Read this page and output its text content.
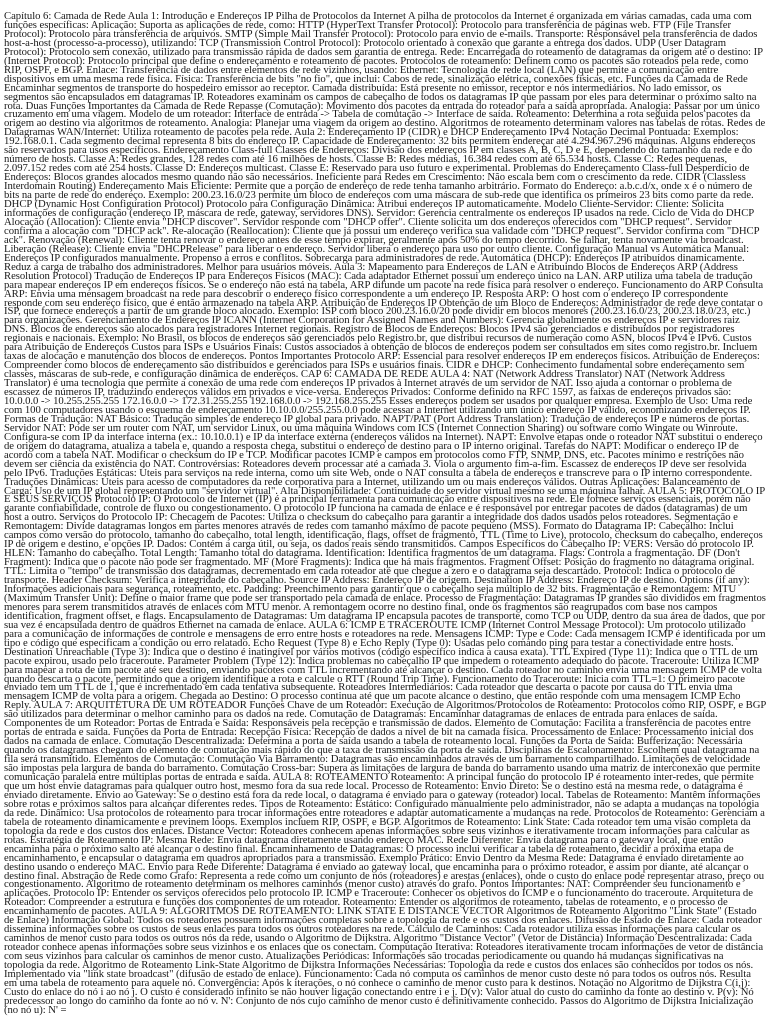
Capítulo 6: Camada de Rede Aula 1: Introdução e Endereços IP Pilha de Protocolos da Internet A pilha de protocolos da Internet é organizada em várias camadas, cada uma com funções específicas: Aplicação: Suporta as aplicações de rede, como: HTTP (HyperText Transfer Protocol): Protocolo para transferência de páginas web. FTP (File Transfer Protocol): Protocolo para transferência de arquivos. SMTP (Simple Mail Transfer Protocol): Protocolo para envio de e-mails. Transporte: Responsável pela transferência de dados host-a-host (processo-a-processo), utilizando: TCP (Transmission Control Protocol): Protocolo orientado à conexão que garante a entrega dos dados. UDP (User Datagram Protocol): Protocolo sem conexão, utilizado para transmissão rápida de dados sem garantia de entrega. Rede: Encarregada do roteamento de datagramas da origem até o destino: IP (Internet Protocol): Protocolo principal que define o endereçamento e roteamento de pacotes. Protocolos de roteamento: Definem como os pacotes são roteados pela rede, como RIP, OSPF, e BGP. Enlace: Transferência de dados entre elementos de rede vizinhos, usando: Ethernet: Tecnologia de rede local (LAN) que permite a comunicação entre dispositivos em uma mesma rede física. Física: Transferência de bits "no fio", que inclui: Cabos de rede, sinalização elétrica, conexões físicas, etc. Funções da Camada de Rede Encaminhar segmentos de transporte do hospedeiro emissor ao receptor. Camada distribuída: Está presente no emissor, receptor e nós intermediários. No lado emissor, os segmentos são encapsulados em datagramas IP. Roteadores examinam os campos de cabeçalho de todos os datagramas IP que passam por eles para determinar o próximo salto na rota. Duas Funções Importantes da Camada de Rede Repasse (Comutação): Movimento dos pacotes da entrada do roteador para a saída apropriada. Analogia: Passar por um único cruzamento em uma viagem. Modelo de um roteador: Interface de entrada -> Tabela de comutação -> Interface de saída. Roteamento: Determina a rota seguida pelos pacotes da origem ao destino via algoritmos de roteamento. Analogia: Planejar uma viagem da origem ao destino. Algoritmos de roteamento determinam valores nas tabelas de rotas. Redes de Datagramas WAN/Internet: Utiliza roteamento de pacotes pela rede. Aula 2: Endereçamento IP (CIDR) e DHCP Endereçamento IPv4 Notação Decimal Pontuada: Exemplos: 192.168.0.1. Cada segmento decimal representa 8 bits do endereço IP. Capacidade de Endereçamento: 32 bits permitem endereçar até 4.294.967.296 máquinas. Alguns endereços são reservados para usos específicos. Endereçamento Class-full Classes de Endereços: Divisão dos endereços IP em classes A, B, C, D e E, dependendo do tamanho da rede e do número de hosts. Classe A: Redes grandes, 128 redes com até 16 milhões de hosts. Classe B: Redes médias, 16.384 redes com até 65.534 hosts. Classe C: Redes pequenas, 2.097.152 redes com até 254 hosts. Classe D: Endereços multicast. Classe E: Reservado para uso futuro e experimental. Problemas do Endereçamento Class-full Desperdício de Endereços: Blocos grandes alocados mesmo quando não são necessários. Ineficiente para Redes em Crescimento: Não escala bem com o crescimento da rede. CIDR (Classless Interdomain Routing) Endereçamento Mais Eficiente: Permite que a porção de endereço de rede tenha tamanho arbitrário. Formato do Endereço: a.b.c.d/x, onde x é o número de bits na parte de rede do endereço. Exemplo: 200.23.16.0/23 permite um bloco de endereços com uma máscara de sub-rede que identifica os primeiros 23 bits como parte da rede. DHCP (Dynamic Host Configuration Protocol) Protocolo para Configuração Dinâmica: Atribui endereços IP automaticamente. Modelo Cliente-Servidor: Cliente: Solicita informações de configuração (endereço IP, máscara de rede, gateway, servidores DNS). Servidor: Gerencia centralmente os endereços IP usados na rede. Ciclo de Vida do DHCP Alocação (Allocation): Cliente envia "DHCP discover". Servidor responde com "DHCP offer". Cliente solicita um dos endereços oferecidos com "DHCP request". Servidor confirma a alocação com "DHCP ack". Re-alocação (Reallocation): Cliente que já possui um endereço verifica sua validade com "DHCP request". Servidor confirma com "DHCP ack". Renovação (Renewal): Cliente tenta renovar o endereço antes de esse tempo expirar, geralmente após 50% do tempo decorrido. Se falhar, tenta novamente via broadcast. Liberação (Release): Cliente envia "DHCPRelease" para liberar o endereço. Servidor libera o endereço para uso por outro cliente. Configuração Manual vs Automática Manual: Endereços IP configurados manualmente. Propenso a erros e conflitos. Sobrecarga para administradores de rede. Automática (DHCP): Endereços IP atribuídos dinamicamente. Reduz a carga de trabalho dos administradores. Melhor para usuários móveis. Aula 3: Mapeamento para Endereços de LAN e Atribuindo Blocos de Endereços ARP (Address Resolution Protocol) Tradução de Endereços IP para Endereços Físicos (MAC): Cada adaptador Ethernet possui um endereço único na LAN. ARP utiliza uma tabela de tradução para mapear endereços IP em endereços físicos. Se o endereço não está na tabela, ARP difunde um pacote na rede física para resolver o endereço. Funcionamento do ARP Consulta ARP: Envia uma mensagem broadcast na rede para descobrir o endereço físico correspondente a um endereço IP. Resposta ARP: O host com o endereço IP correspondente responde com seu endereço físico, que é então armazenado na tabela ARP. Atribuição de Endereços IP Obtenção de um Bloco de Endereços: Administrador de rede deve contatar o ISP, que fornece endereços a partir de um grande bloco alocado. Exemplo: ISP com bloco 200.23.16.0/20 pode dividir em blocos menores (200.23.16.0/23, 200.23.18.0/23, etc.) para organizações. Gerenciamento de Endereços IP ICANN (Internet Corporation for Assigned Names and Numbers): Gerencia globalmente os endereços IP e servidores raiz DNS. Blocos de endereços são alocados para registradores Internet regionais. Registro de Blocos de Endereços: Blocos IPv4 são gerenciados e distribuídos por registradores regionais e nacionais. Exemplo: No Brasil, os blocos de endereços são gerenciados pelo Registro.br, que distribui recursos de numeração como ASN, blocos IPv4 e IPv6. Custos para Atribuição de Endereços Custos para ISPs e Usuários Finais: Custos associados à obtenção de blocos de endereços podem ser consultados em sites como registro.br. Incluem taxas de alocação e manutenção dos blocos de endereços. Pontos Importantes Protocolo ARP: Essencial para resolver endereços IP em endereços físicos. Atribuição de Endereços: Compreender como blocos de endereçamento são distribuídos e gerenciados para ISPs e usuários finais. CIDR e DHCP: Conhecimento fundamental sobre endereçamento sem classes, máscaras de sub-rede, e configuração dinâmica de endereços. CAP 6: CAMADA DE REDE AULA 4: NAT (Network Address Translator) NAT (Network Address Translator) é uma tecnologia que permite a conexão de uma rede com endereços IP privados à Internet através de um servidor de NAT. Isso ajuda a contornar o problema de escassez de números IP, traduzindo endereços válidos em privados e vice-versa. Endereços Privados: Conforme definido na RFC 1597, as faixas de endereços privados são: 10.0.0.0 -> 10.255.255.255 172.16.0.0 -> 172.31.255.255 192.168.0.0 -> 192.168.255.255 Esses endereços podem ser usados por qualquer empresa. Exemplo de Uso: Uma rede com 100 computadores usando o esquema de endereçamento 10.10.0.0/255.255.0.0 pode acessar a Internet utilizando um único endereço IP válido, economizando endereços IP. Formas de Tradução: NAT Básico: Tradução simples de endereço IP global para privado. NAPT/PAT (Port Address Translation): Tradução de endereços IP e números de portas. Servidor NAT: Pode ser um router com NAT, um servidor Linux, ou uma máquina Windows com ICS (Internet Connection Sharing) ou software como Wingate ou Winroute. Configura-se com IP da interface interna (ex.: 10.10.0.1) e IP da interface externa (endereços válidos na Internet). NAPT: Envolve etapas onde o roteador NAT substitui o endereço de origem do datagrama, atualiza a tabela e, quando a resposta chega, substitui o endereço de destino para o IP interno original. Tarefas do NAPT: Modificar o endereço IP de acordo com a tabela NAT. Modificar o checksum do IP e TCP. Modificar pacotes ICMP e campos em protocolos como FTP, SNMP, DNS, etc. Pacotes mínimo e restrições não devem ser ciência da existência do NAT. Controvérsias: Roteadores devem processar até a camada 3. Viola o argumento fim-a-fim. Escassez de endereços IP deve ser resolvida pelo IPv6. Traduções Estáticas: Úteis para serviços na rede interna, como um site Web, onde o NAT consulta a tabela de endereços e transcreve para o IP interno correspondente. Traduções Dinâmicas: Úteis para acesso de computadores da rede corporativa para a Internet, utilizando um ou mais endereços válidos. Outras Aplicações: Balanceamento de Carga: Uso de um IP global representando um "servidor virtual". Alta Disponibilidade: Continuidade do servidor virtual mesmo se uma máquina falhar. AULA 5: PROTOCOLO IP E SEUS SERVIÇOS Protocolo IP: O Protocolo de Internet (IP) é a principal ferramenta para comunicação entre dispositivos na rede. Ele fornece serviços essenciais, porém não garante confiabilidade, controle de fluxo ou congestionamento. O protocolo IP funciona na camada de enlace e é responsável por entregar pacotes de dados (datagramas) de um host a outro. Serviços do Protocolo IP: Checagem de Pacotes: Utiliza o checksum do cabeçalho para garantir a integridade dos dados usados pelos roteadores. Segmentação e Remontagem: Divide datagramas longos em partes menores através de redes com tamanho máximo de pacote pequeno (MSS). Formato do Datagrama IP: Cabeçalho: Inclui campos como versão do protocolo, tamanho do cabeçalho, total length, identificação, flags, offset de fragmento, TTL (Time to Live), protocolo, checksum do cabeçalho, endereços IP de origem e destino, e opções IP. Dados: Contém a carga útil, ou seja, os dados reais sendo transmitidos. Campos Específicos do Cabeçalho IP: VERS: Versão do protocolo IP. HLEN: Tamanho do cabeçalho. Total Length: Tamanho total do datagrama. Identification: Identifica fragmentos de um datagrama. Flags: Controla a fragmentação. DF (Don't Fragment): Indica que o pacote não pode ser fragmentado. MF (More Fragments): Indica que há mais fragmentos. Fragment Offset: Posição do fragmento no datagrama original. TTL: Limita o "tempo" de transmissão dos datagramas, decrementado em cada roteador até que chegue a zero e o datagrama seja descartado. Protocol: Indica o protocolo de transporte. Header Checksum: Verifica a integridade do cabeçalho. Source IP Address: Endereço IP de origem. Destination IP Address: Endereço IP de destino. Options (if any): Informações adicionais para segurança, roteamento, etc. Padding: Preenchimento para garantir que o cabeçalho seja múltiplo de 32 bits. Fragmentação e Remontagem: MTU (Maximum Transfer Unit): Define o maior frame que pode ser transportado pela camada de enlace. Processo de Fragmentação: Datagramas IP grandes são divididos em fragmentos menores para serem transmitidos através de enlaces com MTU menor. A remontagem ocorre no destino final, onde os fragmentos são reagrupados com base nos campos identification, fragment offset, e flags. Encapsulamento de Datagramas: Um datagrama IP encapsula pacotes de transporte, como TCP ou UDP, dentro da sua área de dados, que por sua vez é encapsulada dentro de quadros Ethernet na camada de enlace. AULA 6: ICMP E TRACEROUTE ICMP (Internet Control Message Protocol): Um protocolo utilizado para a comunicação de informações de controle e mensagens de erro entre hosts e roteadores na rede. Mensagens ICMP: Type e Code: Cada mensagem ICMP é identificada por um tipo e código que especificam a condição ou erro relatado. Echo Request (Type 8) e Echo Reply (Type 0): Usadas pelo comando ping para testar a conectividade entre hosts. Destination Unreachable (Type 3): Indica que o destino é inatingível por vários motivos (código específico indica a causa exata). TTL Expired (Type 11): Indica que o TTL de um pacote expirou, usado pelo traceroute. Parameter Problem (Type 12): Indica problemas no cabeçalho IP que impedem o roteamento adequado do pacote. Traceroute: Utiliza ICMP para mapear a rota de um pacote até seu destino, enviando pacotes com TTL incrementando até alcançar o destino. Cada roteador no caminho envia uma mensagem ICMP de volta quando descarta o pacote, permitindo que a origem identifique a rota e calcule o RTT (Round Trip Time). Funcionamento do Traceroute: Inicia com TTL=1: O primeiro pacote enviado tem um TTL de 1, que é incrementado em cada tentativa subsequente. Roteadores Intermediários: Cada roteador que descarta o pacote por causa do TTL envia uma mensagem ICMP de volta para a origem. Chegada ao Destino: O processo continua até que um pacote alcance o destino, que então responde com uma mensagem ICMP Echo Reply. AULA 7: ARQUITETURA DE UM ROTEADOR Funções Chave de um Roteador: Execução de Algoritmos/Protocolos de Roteamento: Protocolos como RIP, OSPF, e BGP são utilizados para determinar o melhor caminho para os dados na rede. Comutação de Datagramas: Encaminhar datagramas de enlaces de entrada para enlaces de saída. Componentes de um Roteador: Portas de Entrada e Saída: Responsáveis pela recepção e transmissão de dados. Elemento de Comutação: Facilita a transferência de pacotes entre portas de entrada e saída. Funções da Porta de Entrada: Recepção Física: Recepção de dados a nível de bit na camada física. Processamento de Enlace: Processamento inicial dos dados na camada de enlace. Comutação Descentralizada: Determina a porta de saída usando a tabela de roteamento local. Funções da Porta de Saída: Bufferização: Necessária quando os datagramas chegam do elemento de comutação mais rápido do que a taxa de transmissão da porta de saída. Disciplinas de Escalonamento: Escolhem qual datagrama na fila será transmitido. Elementos de Comutação: Comutação Via Barramento: Datagramas são encaminhados através de um barramento compartilhado. Limitações de velocidade são impostas pela largura de banda do barramento. Comutação Cross-bar: Supera as limitações de largura de banda do barramento usando uma matriz de interconexão que permite comunicação paralela entre múltiplas portas de entrada e saída. AULA 8: ROTEAMENTO Roteamento: A principal função do protocolo IP é roteamento inter-redes, que permite que um host envie datagramas para qualquer outro host, mesmo fora da sua rede local. Processo de Roteamento: Envio Direto: Se o destino está na mesma rede, o datagrama é enviado diretamente. Envio ao Gateway: Se o destino está fora da rede local, o datagrama é enviado para o gateway (roteador) local. Tabelas de Roteamento: Mantêm informações sobre rotas e próximos saltos para alcançar diferentes redes. Tipos de Roteamento: Estático: Configurado manualmente pelo administrador, não se adapta a mudanças na topologia da rede. Dinâmico: Usa protocolos de roteamento para trocar informações entre roteadores e adaptar automaticamente a mudanças na rede. Protocolos de Roteamento: Gerenciam a tabela de roteamento dinamicamente e previnem loops. Exemplos incluem RIP, OSPF, e BGP. Algoritmos de Roteamento: Link State: Cada roteador tem uma visão completa da topologia da rede e dos custos dos enlaces. Distance Vector: Roteadores conhecem apenas informações sobre seus vizinhos e iterativamente trocam informações para calcular as rotas. Estratégia de Roteamento IP: Mesma Rede: Envia datagrama diretamente usando endereço MAC. Rede Diferente: Envia datagrama para o gateway local, que então encaminha para o próximo salto até alcançar o destino final. Encaminhamento de Datagramas: O processo inclui verificar a tabela de roteamento, decidir a próxima etapa de encaminhamento, e encapsular o datagrama em quadros apropriados para a transmissão. Exemplo Prático: Envio Dentro da Mesma Rede: Datagrama é enviado diretamente ao destino usando o endereço MAC. Envio para Rede Diferente: Datagrama é enviado ao gateway local, que encaminha para o próximo roteador, e assim por diante, até alcançar o destino final. Abstração de Rede como Grafo: Representa a rede como um conjunto de nós (roteadores) e arestas (enlaces), onde o custo do enlace pode representar atraso, preço ou congestionamento. Algoritmo de roteamento determinam os melhores caminhos (menor custo) através do grafo. Pontos Importantes: NAT: Compreender seu funcionamento e aplicações. Protocolo IP: Entender os serviços oferecidos pelo protocolo IP. ICMP e Traceroute: Conhecer os objetivos do ICMP e o funcionamento do traceroute. Arquitetura de Roteador: Compreender a estrutura e funções dos componentes de um roteador. Roteamento: Entender os algoritmos de roteamento, tabelas de roteamento, e o processo de encaminhamento de pacotes. AULA 9: ALGORITMOS DE ROTEAMENTO: LINK STATE E DISTANCE VECTOR Algoritmos de Roteamento Algoritmo "Link State" (Estado de Enlace) Informação Global: Todos os roteadores possuem informações completas sobre a topologia da rede e os custos dos enlaces. Difusão de Estado de Enlace: Cada roteador dissemina informações sobre os custos de seus enlaces para todos os outros roteadores na rede. Cálculo de Caminhos: Cada roteador utiliza essas informações para calcular os caminhos de menor custo para todos os outros nós da rede, usando o Algoritmo de Dijkstra. Algoritmo "Distance Vector" (Vetor de Distância) Informação Descentralizada: Cada roteador conhece apenas informações sobre seus vizinhos e os enlaces que os conectam. Computação Iterativa: Roteadores iterativamente trocam informações de vetor de distância com seus vizinhos para calcular os caminhos de menor custo. Atualizações Periódicas: Informações são trocadas periodicamente ou quando há mudanças significativas na topologia da rede. Algoritmo de Roteamento Link-State Algoritmo de Dijkstra Informações Necessárias: Topologia da rede e custos dos enlaces são conhecidos por todos os nós. Implementado via "link state broadcast" (difusão de estado de enlace). Funcionamento: Cada nó computa os caminhos de menor custo deste nó para todos os outros nós. Resulta em uma tabela de roteamento para aquele nó. Convergência: Após k iterações, o nó conhece o caminho de menor custo para k destinos. Notação no Algoritmo de Dijkstra C(i,j): Custo do enlace do nó i ao nó j. O custo é considerado infinito se não houver ligação conectando entre i e j. D(v): Valor atual do custo do caminho da fonte ao destino v. P(v): Nó predecessor ao longo do caminho da fonte ao nó v. N': Conjunto de nós cujo caminho de menor custo é definitivamente conhecido. Passos do Algoritmo de Dijkstra Inicialização (no nó u): N' =
